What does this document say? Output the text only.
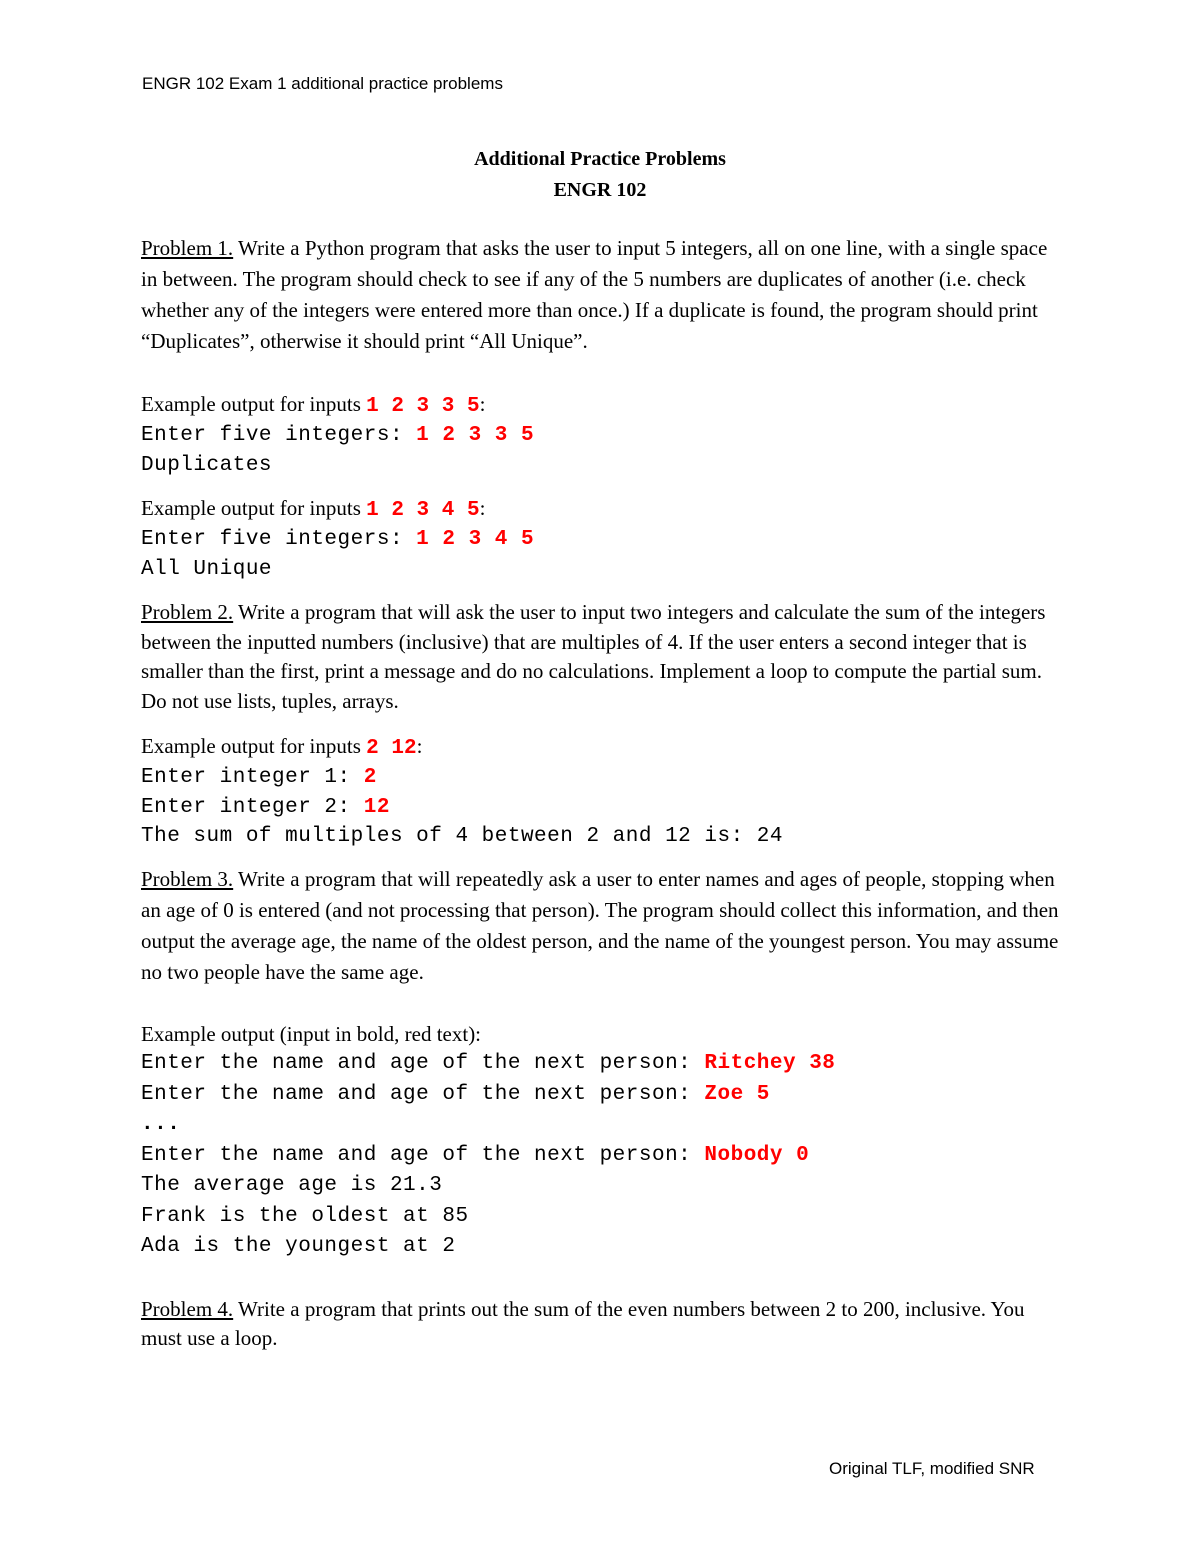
ENGR 102 Exam 1 additional practice problems
Additional Practice Problems
ENGR 102

Problem 1. Write a Python program that asks the user to input 5 integers, all on one line, with a single space in between. The program should check to see if any of the 5 numbers are duplicates of another (i.e. check whether any of the integers were entered more than once.) If a duplicate is found, the program should print “Duplicates”, otherwise it should print “All Unique”.

Example output for inputs 1 2 3 3 5:

Enter five integers: 1 2 3 3 5
Duplicates

Example output for inputs 1 2 3 4 5:

Enter five integers: 1 2 3 4 5
All Unique

Problem 2. Write a program that will ask the user to input two integers and calculate the sum of the integers between the inputted numbers (inclusive) that are multiples of 4. If the user enters a second integer that is smaller than the first, print a message and do no calculations. Implement a loop to compute the partial sum. Do not use lists, tuples, arrays.

Example output for inputs 2 12:

Enter integer 1: 2
Enter integer 2: 12
The sum of multiples of 4 between 2 and 12 is: 24

Problem 3. Write a program that will repeatedly ask a user to enter names and ages of people, stopping when an age of 0 is entered (and not processing that person). The program should collect this information, and then output the average age, the name of the oldest person, and the name of the youngest person. You may assume no two people have the same age.

Example output (input in bold, red text):

Enter the name and age of the next person: Ritchey 38
Enter the name and age of the next person: Zoe 5
...
Enter the name and age of the next person: Nobody 0
The average age is 21.3
Frank is the oldest at 85
Ada is the youngest at 2

Problem 4. Write a program that prints out the sum of the even numbers between 2 to 200, inclusive. You must use a loop.

Original TLF, modified SNR
